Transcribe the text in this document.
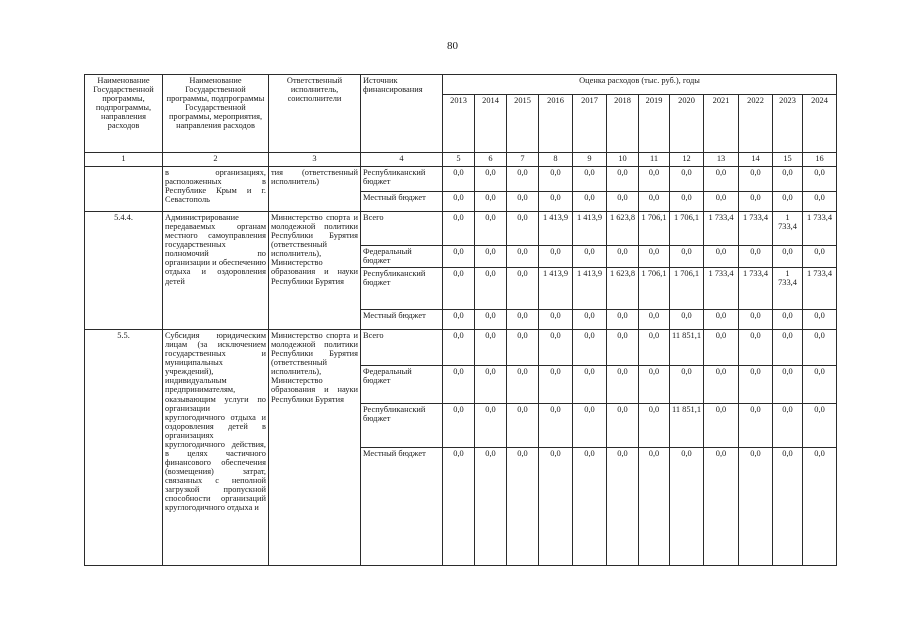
80
Наименование Государственной программы, подпрограммы, направления расходов	Наименование Государственной программы, подпрограммы Государственной программы, мероприятия, направления расходов	Ответственный исполнитель, соисполнители	Источник финансирования	Оценка расходов (тыс. руб.), годы											
				2013	2014	2015	2016	2017	2018	2019	2020	2021	2022	2023	2024
1	2	3	4	5	6	7	8	9	10	11	12	13	14	15	16
	в организациях, расположенных в Республике Крым и г. Севастополь	тия (ответственный исполнитель)	Республиканский бюджет	0,0	0,0	0,0	0,0	0,0	0,0	0,0	0,0	0,0	0,0	0,0	0,0
			Местный бюджет	0,0	0,0	0,0	0,0	0,0	0,0	0,0	0,0	0,0	0,0	0,0	0,0
5.4.4.	Администрирование передаваемых органам местного самоуправления государственных полномочий по организации и обеспечению отдыха и оздоровления детей	Министерство спорта и молодежной политики Республики Бурятия (ответственный исполнитель), Министерство образования и науки Республики Бурятия	Всего	0,0	0,0	0,0	1 413,9	1 413,9	1 623,8	1 706,1	1 706,1	1 733,4	1 733,4	1 733,4	1 733,4
			Федеральный бюджет	0,0	0,0	0,0	0,0	0,0	0,0	0,0	0,0	0,0	0,0	0,0	0,0
			Республиканский бюджет	0,0	0,0	0,0	1 413,9	1 413,9	1 623,8	1 706,1	1 706,1	1 733,4	1 733,4	1 733,4	1 733,4
			Местный бюджет	0,0	0,0	0,0	0,0	0,0	0,0	0,0	0,0	0,0	0,0	0,0	0,0
5.5.	Субсидия юридическим лицам (за исключением государственных и муниципальных учреждений), индивидуальным предпринимателям, оказывающим услуги по организации круглогодичного отдыха и оздоровления детей в организациях круглогодичного действия, в целях частичного финансового обеспечения (возмещения) затрат, связанных с неполной загрузкой пропускной способности организаций круглогодичного отдыха и	Министерство спорта и молодежной политики Республики Бурятия (ответственный исполнитель), Министерство образования и науки Республики Бурятия	Всего	0,0	0,0	0,0	0,0	0,0	0,0	0,0	11 851,1	0,0	0,0	0,0	0,0
			Федеральный бюджет	0,0	0,0	0,0	0,0	0,0	0,0	0,0	0,0	0,0	0,0	0,0	0,0
			Республиканский бюджет	0,0	0,0	0,0	0,0	0,0	0,0	0,0	11 851,1	0,0	0,0	0,0	0,0
			Местный бюджет	0,0	0,0	0,0	0,0	0,0	0,0	0,0	0,0	0,0	0,0	0,0	0,0
